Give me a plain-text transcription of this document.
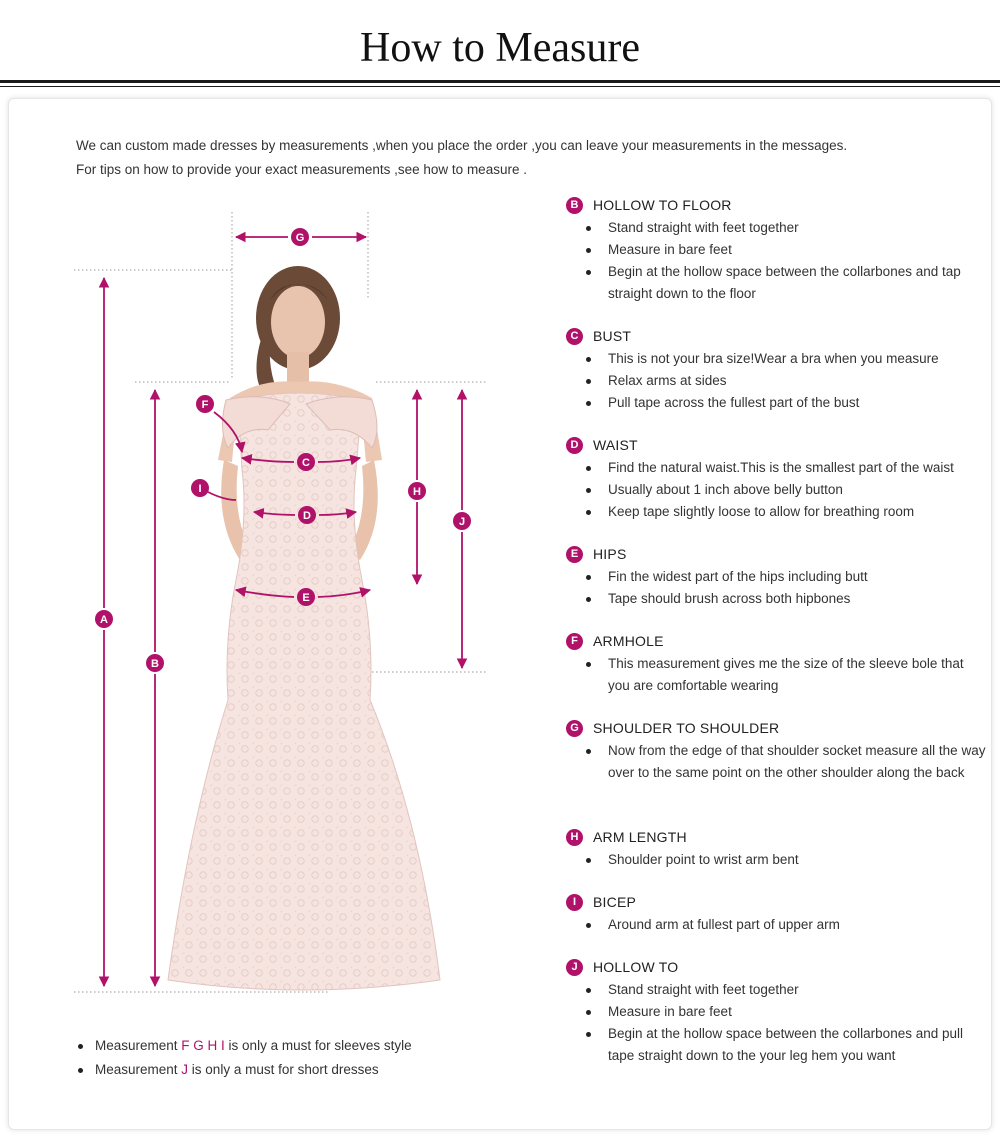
How to Measure
We can custom made dresses by measurements ,when you place the order ,you can leave your measurements in the messages.
For tips on how to provide your exact measurements ,see how to measure .
G
A
B
H
J
C
D
E
F
I
B	HOLLOW TO FLOOR
Stand straight with feet together
Measure in bare feet
Begin at the hollow space between the collarbones and tap straight down to the floor
C	BUST
This is not your bra size!Wear a bra when you measure
Relax arms at sides
Pull tape across the fullest part of the bust
D	WAIST
Find the natural waist.This is the smallest part of the waist
Usually about 1 inch above belly button
Keep tape slightly loose to allow for breathing room
E	HIPS
Fin the widest part of the hips including butt
Tape should brush across both hipbones
F	ARMHOLE
This measurement gives me the size of the sleeve bole that you are comfortable wearing
G	SHOULDER TO SHOULDER
Now from the edge of that shoulder socket measure all the way over to the same point on the other shoulder along the back
H	ARM LENGTH
Shoulder point to wrist arm bent
I	BICEP
Around arm at fullest part of upper arm
J	HOLLOW TO
Stand straight with feet together
Measure in bare feet
Begin at the hollow space between the collarbones and pull tape straight down to the your leg hem you want
Measurement F G H I is only a must for sleeves style
Measurement J is only a must for short dresses
